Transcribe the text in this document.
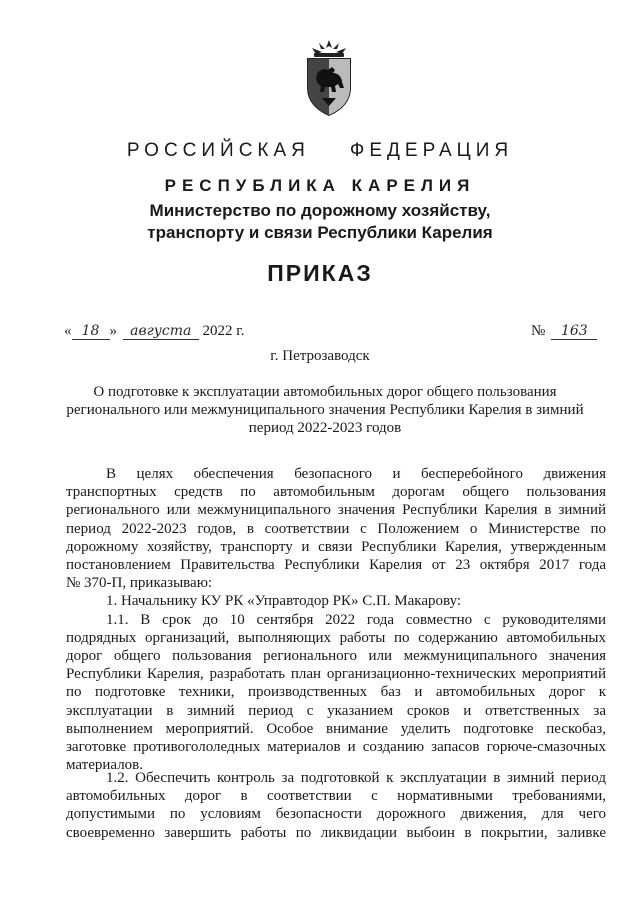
РОССИЙСКАЯ ФЕДЕРАЦИЯ
РЕСПУБЛИКА КАРЕЛИЯ
Министерство по дорожному хозяйству,
транспорту и связи Республики Карелия
ПРИКАЗ
« 18 » августа 2022 г.	№ 163
г. Петрозаводск
О подготовке к эксплуатации автомобильных дорог общего пользования
регионального или межмуниципального значения Республики Карелия в зимний
период 2022-2023 годов
В целях обеспечения безопасного и бесперебойного движения
транспортных средств по автомобильным дорогам общего пользования
регионального или межмуниципального значения Республики Карелия в зимний
период 2022-2023 годов, в соответствии с Положением о Министерстве по
дорожному хозяйству, транспорту и связи Республики Карелия, утвержденным
постановлением Правительства Республики Карелия от 23 октября 2017 года
№ 370-П, приказываю:
1. Начальнику КУ РК «Управтодор РК» С.П. Макарову:
1.1. В срок до 10 сентября 2022 года совместно с руководителями
подрядных организаций, выполняющих работы по содержанию автомобильных
дорог общего пользования регионального или межмуниципального значения
Республики Карелия, разработать план организационно-технических мероприятий
по подготовке техники, производственных баз и автомобильных дорог к
эксплуатации в зимний период с указанием сроков и ответственных за
выполнением мероприятий. Особое внимание уделить подготовке пескобаз,
заготовке противогололедных материалов и созданию запасов горюче-смазочных
материалов.
1.2. Обеспечить контроль за подготовкой к эксплуатации в зимний период
автомобильных дорог в соответствии с нормативными требованиями,
допустимыми по условиям безопасности дорожного движения, для чего
своевременно завершить работы по ликвидации выбоин в покрытии, заливке
